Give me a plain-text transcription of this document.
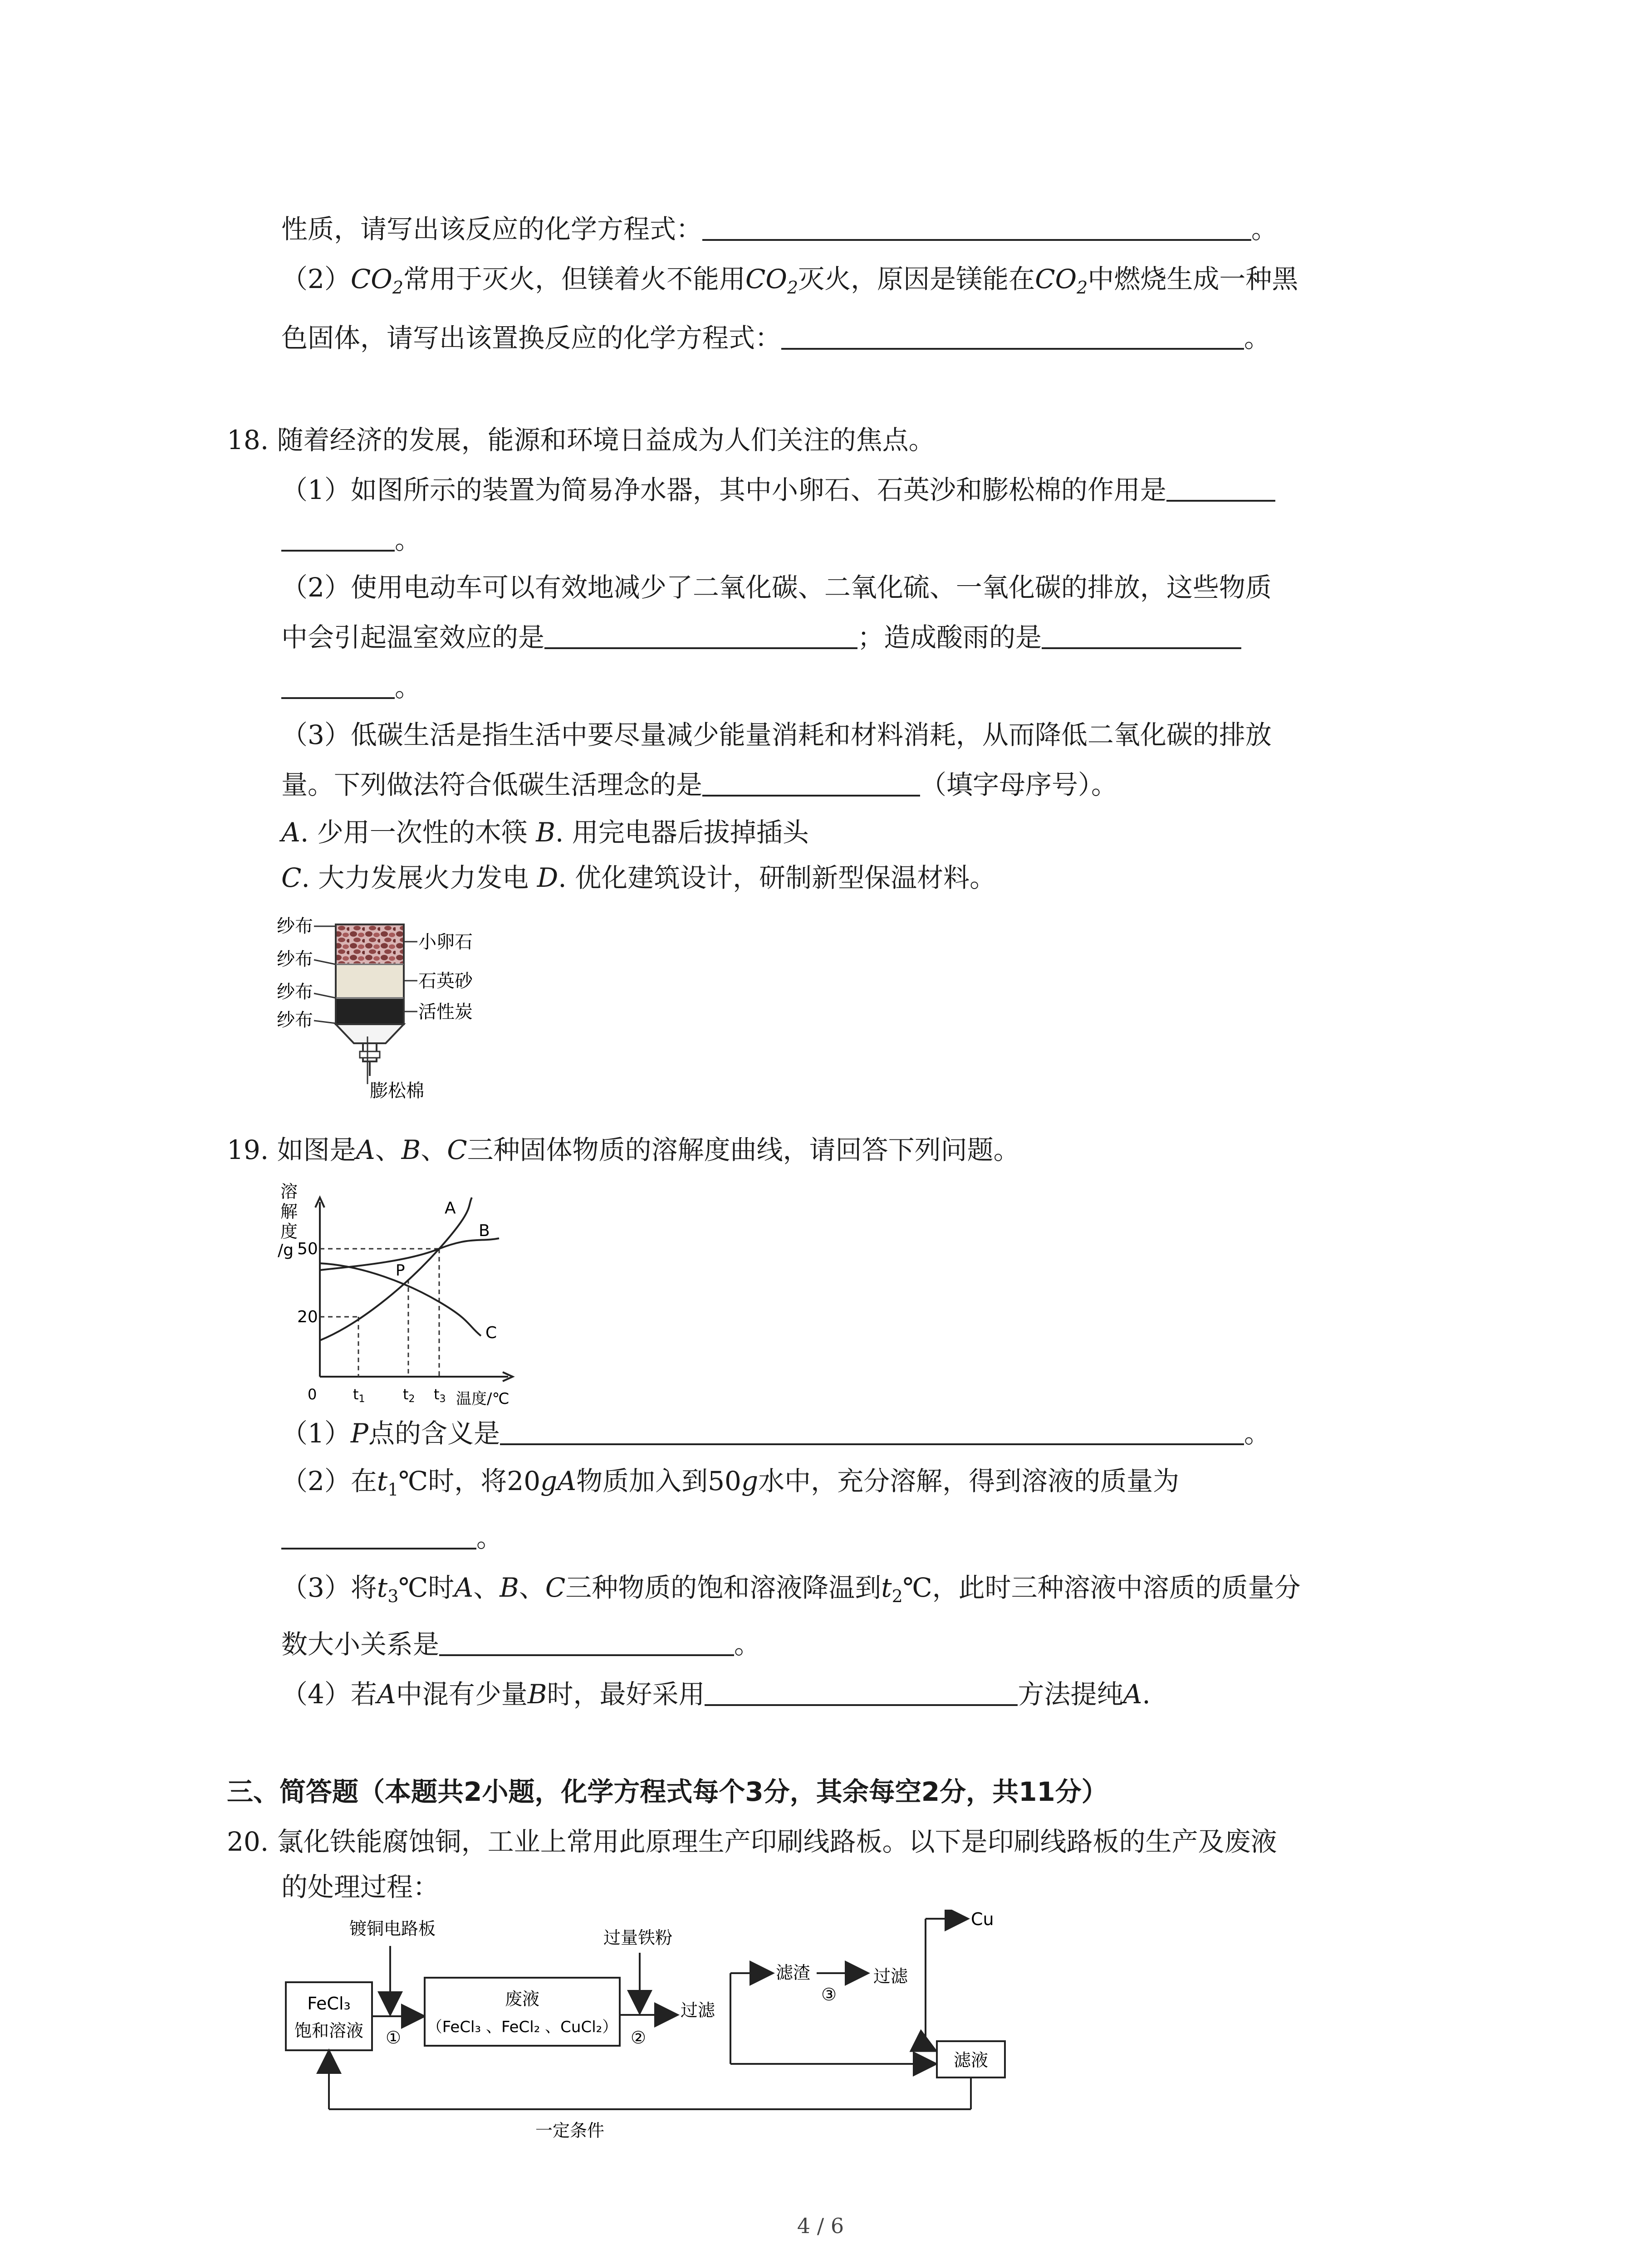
性质，请写出该反应的化学方程式：	。
$(2)CO_2$常用于灭火，但镁着火不能用$CO_2$灭火，原因是镁能在$CO_2$中燃烧生成一种黑
色固体，请写出该置换反应的化学方程式：	。
18. 随着经济的发展，能源和环境日益成为人们关注的焦点。
（1）如图所示的装置为简易净水器，其中小卵石、石英沙和膨松棉的作用是
。
（2）使用电动车可以有效地减少了二氧化碳、二氧化硫、一氧化碳的排放，这些物质
中会引起温室效应的是	；造成酸雨的是
。
（3）低碳生活是指生活中要尽量减少能量消耗和材料消耗，从而降低二氧化碳的排放
量。下列做法符合低碳生活理念的是	（填字母序号）。
A. 少用一次性的木筷 B. 用完电器后拔掉插头
C. 大力发展火力发电 D. 优化建筑设计，研制新型保温材料。
纱布
纱布
纱布
纱布
小卵石
石英砂
活性炭
膨松棉
19. 如图是A、B、C三种固体物质的溶解度曲线，请回答下列问题。
溶
解
度
/g 50
20
0 t1	t2 t3 温度/℃
A
B
C
P
（1）P点的含义是	。
（2）在$t_1℃$时，将20gA物质加入到50g水中，充分溶解，得到溶液的质量为
。
（3）将$t_3℃$时A、B、C三种物质的饱和溶液降温到$t_2℃$，此时三种溶液中溶质的质量分
数大小关系是	。
（4）若A中混有少量B时，最好采用	方法提纯A.
三、简答题（本题共2小题，化学方程式每个3分，其余每空2分，共11分）
20. 氯化铁能腐蚀铜，工业上常用此原理生产印刷线路板。以下是印刷线路板的生产及废液
的处理过程：
FeCl₃
饱和溶液
镀铜电路板
①
废液
（FeCl₃ 、FeCl₂ 、CuCl₂）
过量铁粉
②
过滤
滤渣
③
过滤
Cu
滤液
一定条件
4 / 6
